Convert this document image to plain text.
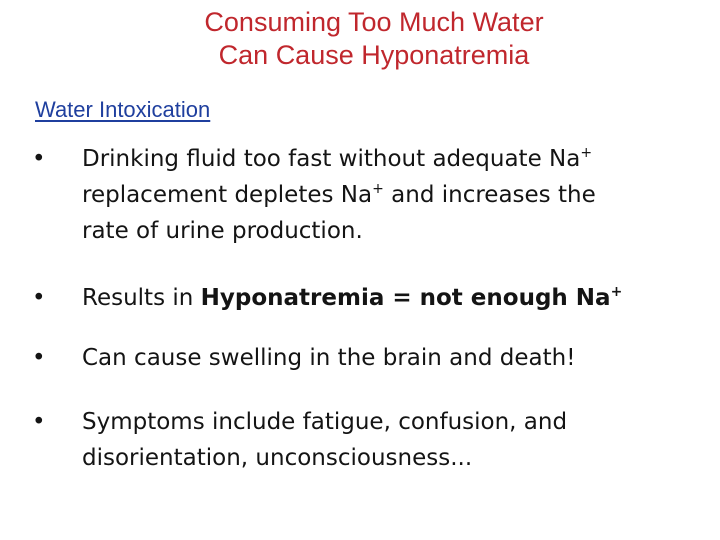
Consuming Too Much Water
Can Cause Hyponatremia
Water Intoxication
• Drinking fluid too fast without adequate Na+
replacement depletes Na+ and increases the
rate of urine production.
• Results in Hyponatremia = not enough Na+
• Can cause swelling in the brain and death!
• Symptoms include fatigue, confusion, and
disorientation, unconsciousness...
